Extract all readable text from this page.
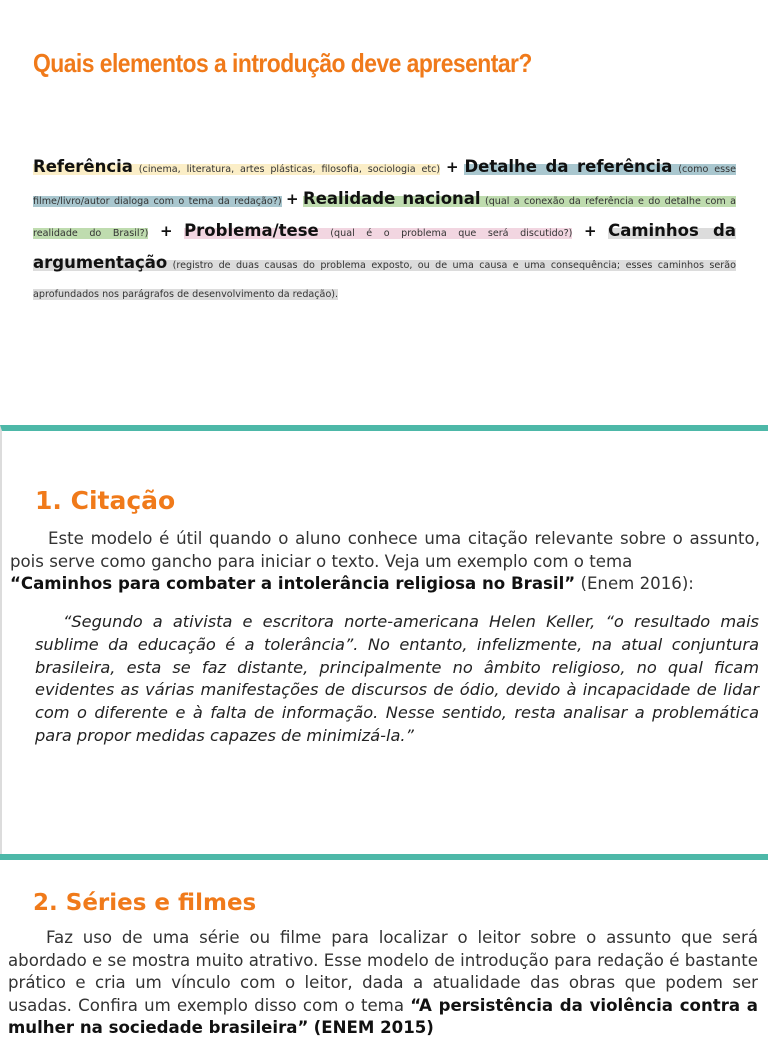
Quais elementos a introdução deve apresentar?
Referência (cinema, literatura, artes plásticas, filosofia, sociologia etc) + Detalhe da referência (como esse filme/livro/autor dialoga com o tema da redação?) + Realidade nacional (qual a conexão da referência e do detalhe com a realidade do Brasil?) + Problema/tese (qual é o problema que será discutido?) + Caminhos da argumentação (registro de duas causas do problema exposto, ou de uma causa e uma consequência; esses caminhos serão aprofundados nos parágrafos de desenvolvimento da redação).
1. Citação

Este modelo é útil quando o aluno conhece uma citação relevante sobre o assunto, pois serve como gancho para iniciar o texto. Veja um exemplo com o tema
“Caminhos para combater a intolerância religiosa no Brasil” (Enem 2016):

“Segundo a ativista e escritora norte-americana Helen Keller, “o resultado mais sublime da educação é a tolerância”. No entanto, infelizmente, na atual conjuntura brasileira, esta se faz distante, principalmente no âmbito religioso, no qual ficam evidentes as várias manifestações de discursos de ódio, devido à incapacidade de lidar com o diferente e à falta de informação. Nesse sentido, resta analisar a problemática para propor medidas capazes de minimizá-la.”

2. Séries e filmes

Faz uso de uma série ou filme para localizar o leitor sobre o assunto que será abordado e se mostra muito atrativo. Esse modelo de introdução para redação é bastante prático e cria um vínculo com o leitor, dada a atualidade das obras que podem ser usadas. Confira um exemplo disso com o tema “A persistência da violência contra a mulher na sociedade brasileira” (ENEM 2015)
